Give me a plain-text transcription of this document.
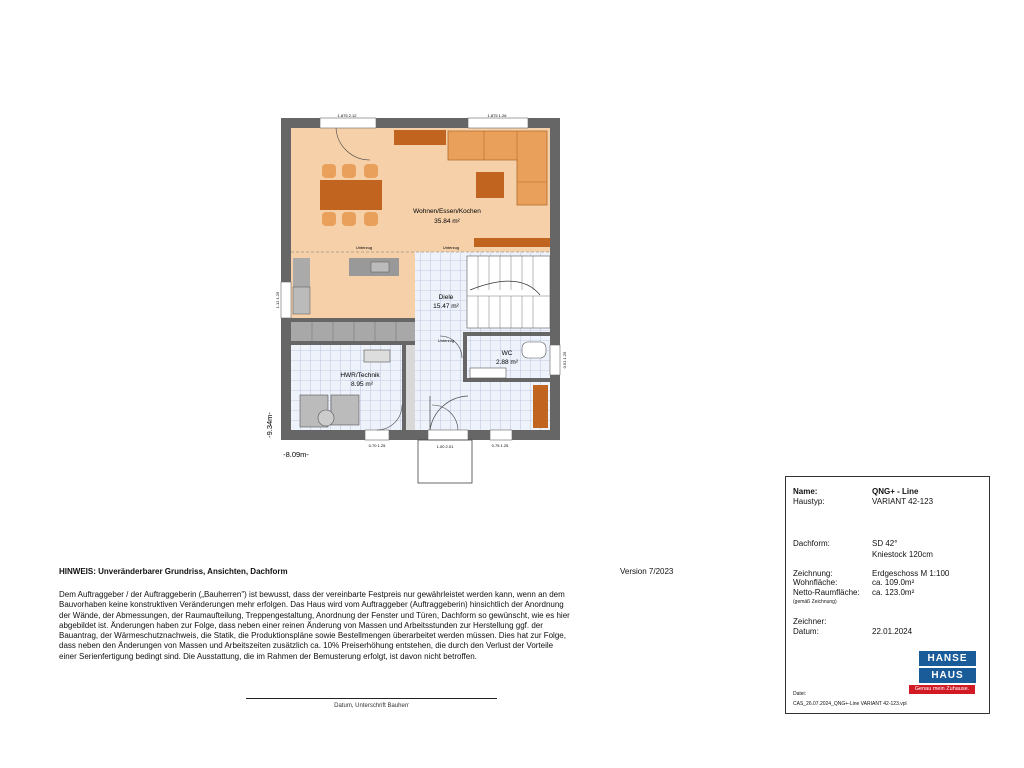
Wohnen/Essen/Kochen
35.84 m²
Diele
15.47 m²
WC
2.88 m²
HWR/Technik
8.95 m²
Unterzug	Unterzug
Unterzug
1.875 2.12	1.875 1.26
0.70 1.25	0.75 1.25
1.00 2.01
1.12 1.25
0.51 1.25
-8.09m-
-9.34m-
HINWEIS: Unveränderbarer Grundriss, Ansichten, Dachform	Version 7/2023
Dem Auftraggeber / der Auftraggeberin („Bauherren") ist bewusst, dass der vereinbarte Festpreis nur gewährleistet werden kann, wenn an dem
Bauvorhaben keine konstruktiven Veränderungen mehr erfolgen. Das Haus wird vom Auftraggeber (Auftraggeberin) hinsichtlich der Anordnung
der Wände, der Abmessungen, der Raumaufteilung, Treppengestaltung, Anordnung der Fenster und Türen, Dachform so gewünscht, wie es hier
abgebildet ist. Änderungen haben zur Folge, dass neben einer reinen Änderung von Massen und Arbeitsstunden zur Herstellung ggf. der
Bauantrag, der Wärmeschutznachweis, die Statik, die Produktionspläne sowie Bestellmengen überarbeitet werden müssen. Dies hat zur Folge,
dass neben den Änderungen von Massen und Arbeitszeiten zusätzlich ca. 10% Preiserhöhung entstehen, die durch den Verlust der Vorteile
einer Serienfertigung bedingt sind. Die Ausstattung, die im Rahmen der Bemusterung erfolgt, ist davon nicht betroffen.
Datum, Unterschrift Bauherr
Name:	QNG+ - Line
Haustyp:	VARIANT 42-123
Dachform:	SD 42°
Kniestock 120cm
Zeichnung:	Erdgeschoss M 1:100
Wohnfläche:	ca. 109.0m²
Netto-Raumfläche: ca. 123.0m²
(gemäß Zeichnung)
Zeichner:
Datum:	22.01.2024
Datei:
CAS_26.07.2024_QNG+-Line VARIANT 42-123.vpl
HANSE
HAUS
Genau mein Zuhause.
